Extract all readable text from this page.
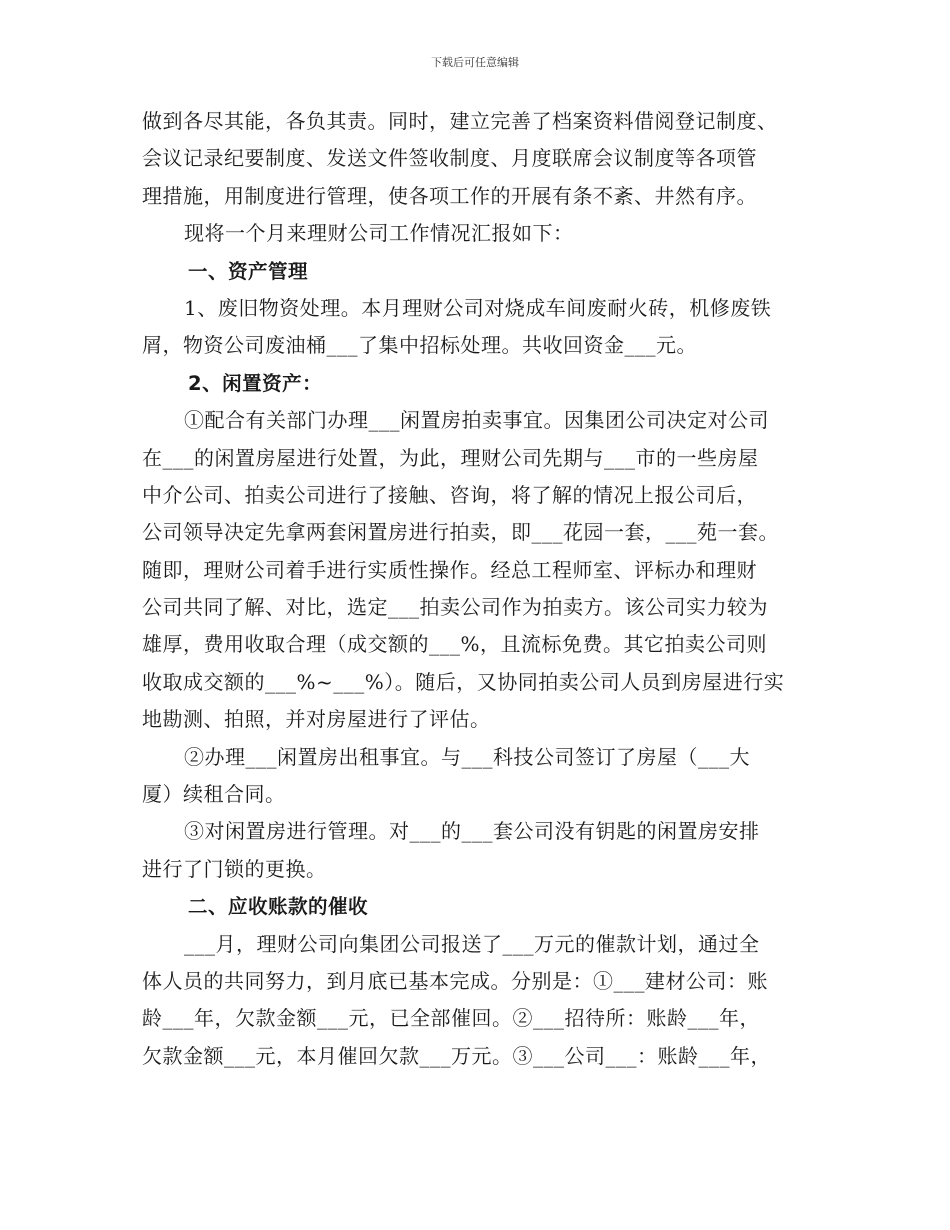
下载后可任意编辑
做到各尽其能，各负其责。同时，建立完善了档案资料借阅登记制度、
会议记录纪要制度、发送文件签收制度、月度联席会议制度等各项管
理措施，用制度进行管理，使各项工作的开展有条不紊、井然有序。
现将一个月来理财公司工作情况汇报如下：
一、资产管理
1、废旧物资处理。本月理财公司对烧成车间废耐火砖，机修废铁
屑，物资公司废油桶___了集中招标处理。共收回资金___元。
2、闲置资产：
①配合有关部门办理___闲置房拍卖事宜。因集团公司决定对公司
在___的闲置房屋进行处置，为此，理财公司先期与___市的一些房屋
中介公司、拍卖公司进行了接触、咨询，将了解的情况上报公司后，
公司领导决定先拿两套闲置房进行拍卖，即___花园一套，___苑一套。
随即，理财公司着手进行实质性操作。经总工程师室、评标办和理财
公司共同了解、对比，选定___拍卖公司作为拍卖方。该公司实力较为
雄厚，费用收取合理（成交额的___%，且流标免费。其它拍卖公司则
收取成交额的___%~___%）。随后，又协同拍卖公司人员到房屋进行实
地勘测、拍照，并对房屋进行了评估。
②办理___闲置房出租事宜。与___科技公司签订了房屋（___大
厦）续租合同。
③对闲置房进行管理。对___的___套公司没有钥匙的闲置房安排
进行了门锁的更换。
二、应收账款的催收
___月，理财公司向集团公司报送了___万元的催款计划，通过全
体人员的共同努力，到月底已基本完成。分别是：①___建材公司：账
龄___年，欠款金额___元，已全部催回。②___招待所：账龄___年，
欠款金额___元，本月催回欠款___万元。③___公司___：账龄___年，
